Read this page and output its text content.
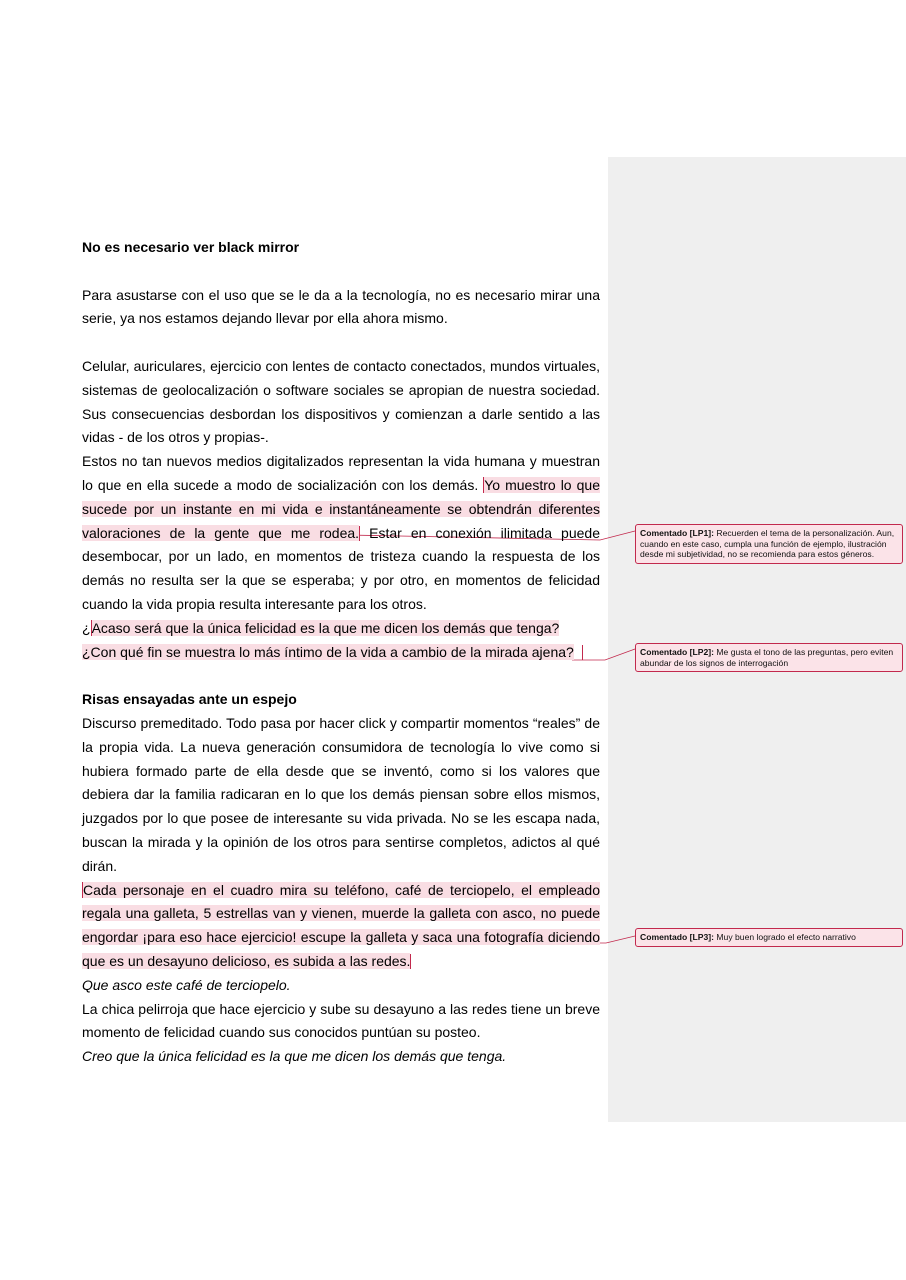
No es necesario ver black mirror

Para asustarse con el uso que se le da a la tecnología, no es necesario mirar una serie, ya nos estamos dejando llevar por ella ahora mismo.

Celular, auriculares, ejercicio con lentes de contacto conectados, mundos virtuales, sistemas de geolocalización o software sociales se apropian de nuestra sociedad. Sus consecuencias desbordan los dispositivos y comienzan a darle sentido a las vidas - de los otros y propias-.

Estos no tan nuevos medios digitalizados representan la vida humana y muestran lo que en ella sucede a modo de socialización con los demás. Yo muestro lo que sucede por un instante en mi vida e instantáneamente se obtendrán diferentes valoraciones de la gente que me rodea. Estar en conexión ilimitada puede desembocar, por un lado, en momentos de tristeza cuando la respuesta de los demás no resulta ser la que se esperaba; y por otro, en momentos de felicidad cuando la vida propia resulta interesante para los otros.

¿Acaso será que la única felicidad es la que me dicen los demás que tenga?

¿Con qué fin se muestra lo más íntimo de la vida a cambio de la mirada ajena?

Risas ensayadas ante un espejo

Discurso premeditado. Todo pasa por hacer click y compartir momentos “reales” de la propia vida. La nueva generación consumidora de tecnología lo vive como si hubiera formado parte de ella desde que se inventó, como si los valores que debiera dar la familia radicaran en lo que los demás piensan sobre ellos mismos, juzgados por lo que posee de interesante su vida privada. No se les escapa nada, buscan la mirada y la opinión de los otros para sentirse completos, adictos al qué dirán.

Cada personaje en el cuadro mira su teléfono, café de terciopelo, el empleado regala una galleta, 5 estrellas van y vienen, muerde la galleta con asco, no puede engordar ¡para eso hace ejercicio! escupe la galleta y saca una fotografía diciendo que es un desayuno delicioso, es subida a las redes.

Que asco este café de terciopelo.

La chica pelirroja que hace ejercicio y sube su desayuno a las redes tiene un breve momento de felicidad cuando sus conocidos puntúan su posteo.

Creo que la única felicidad es la que me dicen los demás que tenga.

Comentado [LP1]: Recuerden el tema de la personalización. Aun, cuando en este caso, cumpla una función de ejemplo, ilustración desde mi subjetividad, no se recomienda para estos géneros.
Comentado [LP2]: Me gusta el tono de las preguntas, pero eviten abundar de los signos de interrogación
Comentado [LP3]: Muy buen logrado el efecto narrativo
